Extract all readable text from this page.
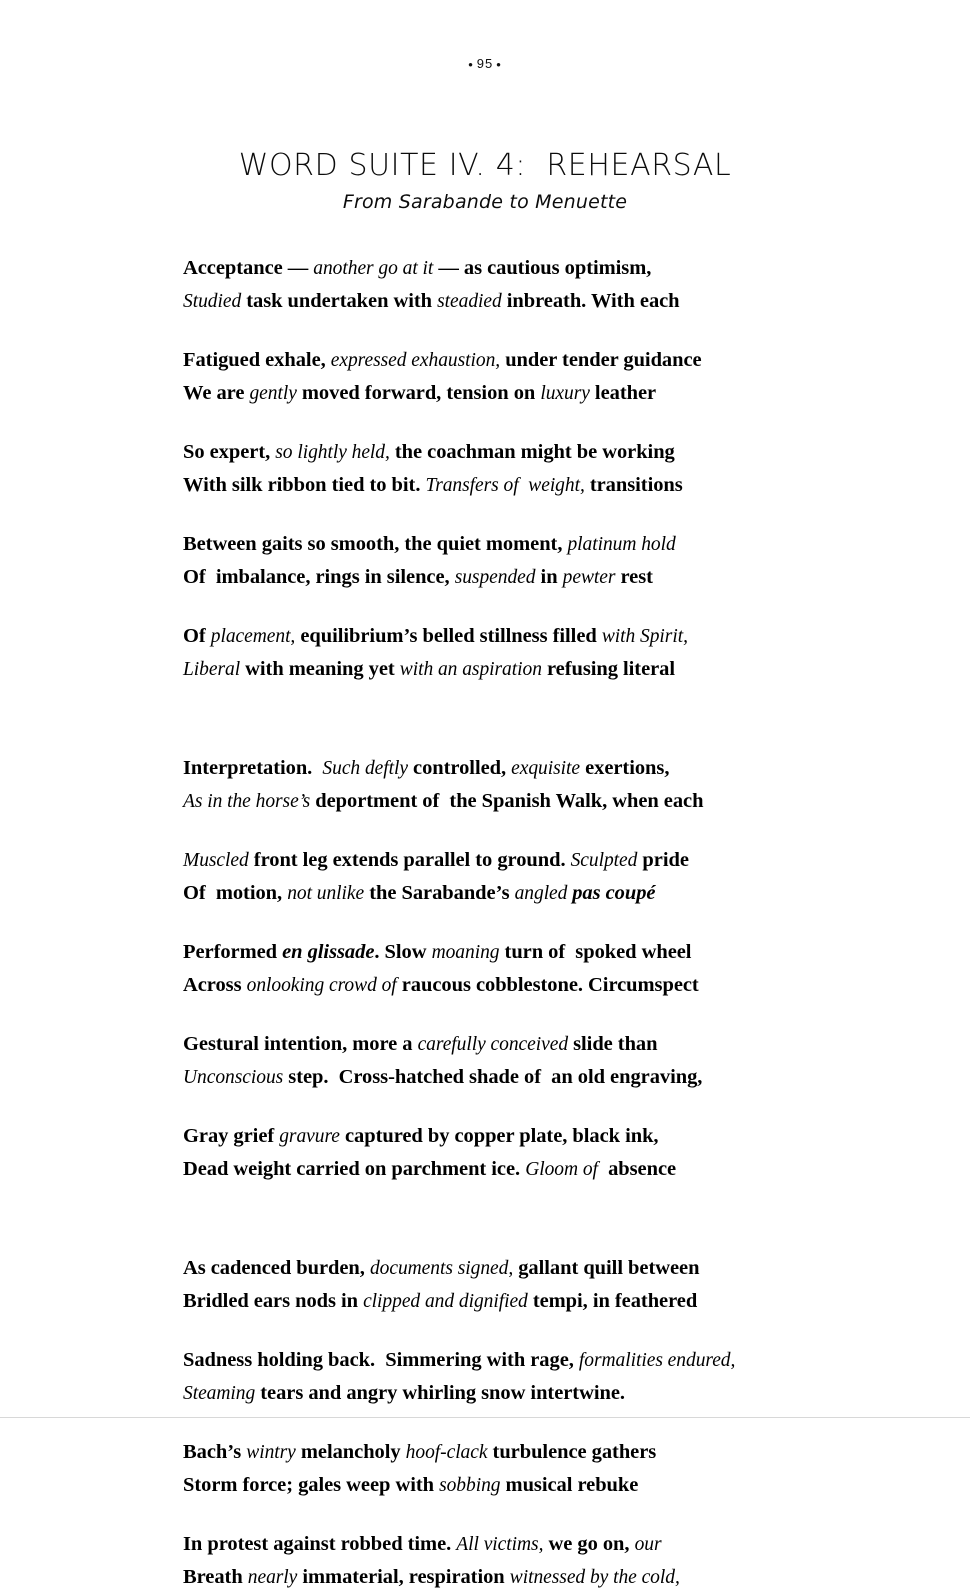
• 95 •
WORD SUITE IV. 4:  REHEARSAL
From Sarabande to Menuette
Acceptance — another go at it — as cautious optimism,
Studied task undertaken with steadied inbreath. With each
Fatigued exhale, expressed exhaustion, under tender guidance
We are gently moved forward, tension on luxury leather
So expert, so lightly held, the coachman might be working
With silk ribbon tied to bit. Transfers of  weight, transitions
Between gaits so smooth, the quiet moment, platinum hold
Of  imbalance, rings in silence, suspended in pewter rest
Of placement, equilibrium’s belled stillness filled with Spirit,
Liberal with meaning yet with an aspiration refusing literal
Interpretation.  Such deftly controlled, exquisite exertions,
As in the horse’s deportment of  the Spanish Walk, when each
Muscled front leg extends parallel to ground. Sculpted pride
Of  motion, not unlike the Sarabande’s angled pas coupé
Performed en glissade. Slow moaning turn of  spoked wheel
Across onlooking crowd of raucous cobblestone. Circumspect
Gestural intention, more a carefully conceived slide than
Unconscious step.  Cross-hatched shade of  an old engraving,
Gray grief gravure captured by copper plate, black ink,
Dead weight carried on parchment ice. Gloom of  absence
As cadenced burden, documents signed, gallant quill between
Bridled ears nods in clipped and dignified tempi, in feathered
Sadness holding back.  Simmering with rage, formalities endured,
Steaming tears and angry whirling snow intertwine.
Bach’s wintry melancholy hoof-clack turbulence gathers
Storm force; gales weep with sobbing musical rebuke
In protest against robbed time. All victims, we go on, our
Breath nearly immaterial, respiration witnessed by the cold,
